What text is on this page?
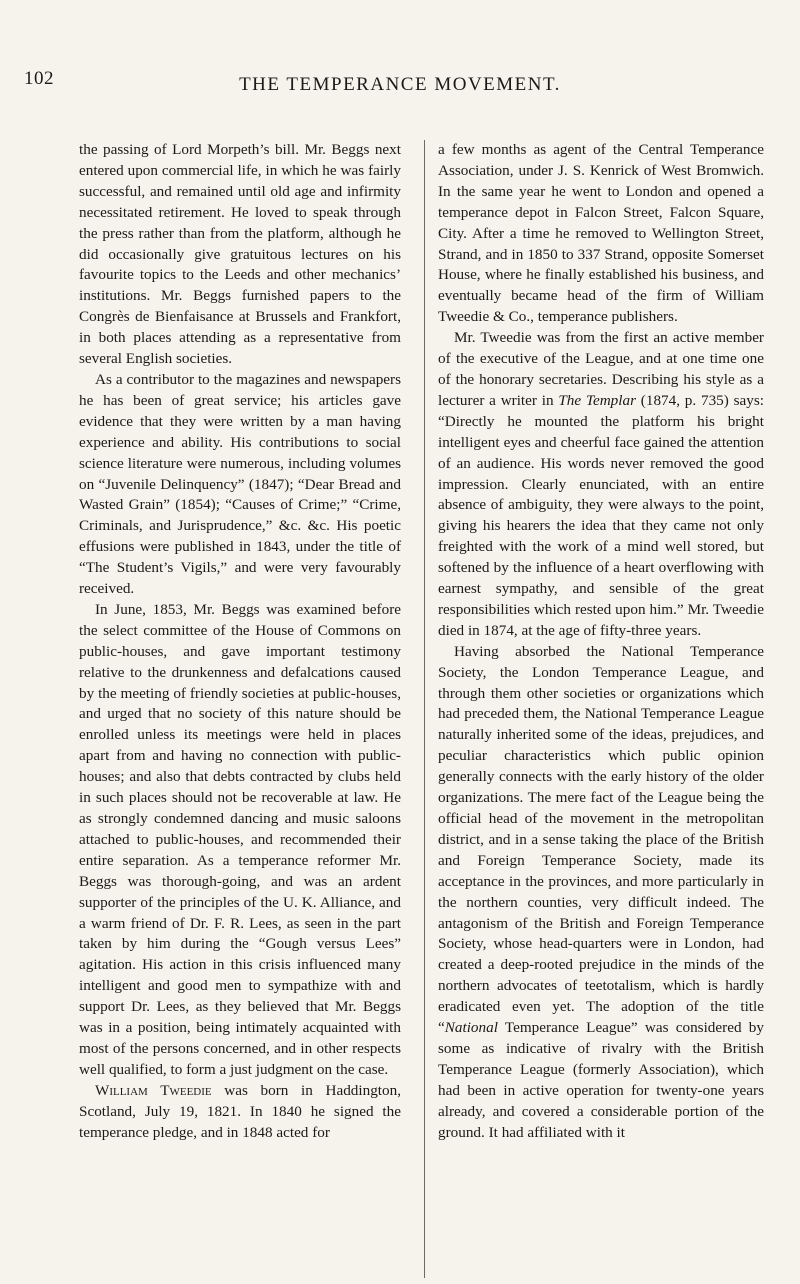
102	THE TEMPERANCE MOVEMENT.

the passing of Lord Morpeth’s bill. Mr. Beggs next entered upon commercial life, in which he was fairly successful, and remained until old age and infirmity necessitated retirement. He loved to speak through the press rather than from the platform, although he did occasionally give gratuitous lectures on his favourite topics to the Leeds and other mechanics’ institutions. Mr. Beggs furnished papers to the Congrès de Bienfaisance at Brussels and Frankfort, in both places attending as a representative from several English societies.

As a contributor to the magazines and newspapers he has been of great service; his articles gave evidence that they were written by a man having experience and ability. His contributions to social science literature were numerous, including volumes on “Juvenile Delinquency” (1847); “Dear Bread and Wasted Grain” (1854); “Causes of Crime;” “Crime, Criminals, and Jurisprudence,” &c. &c. His poetic effusions were published in 1843, under the title of “The Student’s Vigils,” and were very favourably received.

In June, 1853, Mr. Beggs was examined before the select committee of the House of Commons on public-houses, and gave important testimony relative to the drunkenness and defalcations caused by the meeting of friendly societies at public-houses, and urged that no society of this nature should be enrolled unless its meetings were held in places apart from and having no connection with public-houses; and also that debts contracted by clubs held in such places should not be recoverable at law. He as strongly condemned dancing and music saloons attached to public-houses, and recommended their entire separation. As a temperance reformer Mr. Beggs was thorough-going, and was an ardent supporter of the principles of the U. K. Alliance, and a warm friend of Dr. F. R. Lees, as seen in the part taken by him during the “Gough versus Lees” agitation. His action in this crisis influenced many intelligent and good men to sympathize with and support Dr. Lees, as they believed that Mr. Beggs was in a position, being intimately acquainted with most of the persons concerned, and in other respects well qualified, to form a just judgment on the case.

William Tweedie was born in Haddington, Scotland, July 19, 1821. In 1840 he signed the temperance pledge, and in 1848 acted for

a few months as agent of the Central Temperance Association, under J. S. Kenrick of West Bromwich. In the same year he went to London and opened a temperance depot in Falcon Street, Falcon Square, City. After a time he removed to Wellington Street, Strand, and in 1850 to 337 Strand, opposite Somerset House, where he finally established his business, and eventually became head of the firm of William Tweedie & Co., temperance publishers.

Mr. Tweedie was from the first an active member of the executive of the League, and at one time one of the honorary secretaries. Describing his style as a lecturer a writer in The Templar (1874, p. 735) says: “Directly he mounted the platform his bright intelligent eyes and cheerful face gained the attention of an audience. His words never removed the good impression. Clearly enunciated, with an entire absence of ambiguity, they were always to the point, giving his hearers the idea that they came not only freighted with the work of a mind well stored, but softened by the influence of a heart overflowing with earnest sympathy, and sensible of the great responsibilities which rested upon him.” Mr. Tweedie died in 1874, at the age of fifty-three years.

Having absorbed the National Temperance Society, the London Temperance League, and through them other societies or organizations which had preceded them, the National Temperance League naturally inherited some of the ideas, prejudices, and peculiar characteristics which public opinion generally connects with the early history of the older organizations. The mere fact of the League being the official head of the movement in the metropolitan district, and in a sense taking the place of the British and Foreign Temperance Society, made its acceptance in the provinces, and more particularly in the northern counties, very difficult indeed. The antagonism of the British and Foreign Temperance Society, whose head-quarters were in London, had created a deep-rooted prejudice in the minds of the northern advocates of teetotalism, which is hardly eradicated even yet. The adoption of the title “National Temperance League” was considered by some as indicative of rivalry with the British Temperance League (formerly Association), which had been in active operation for twenty-one years already, and covered a considerable portion of the ground. It had affiliated with it
